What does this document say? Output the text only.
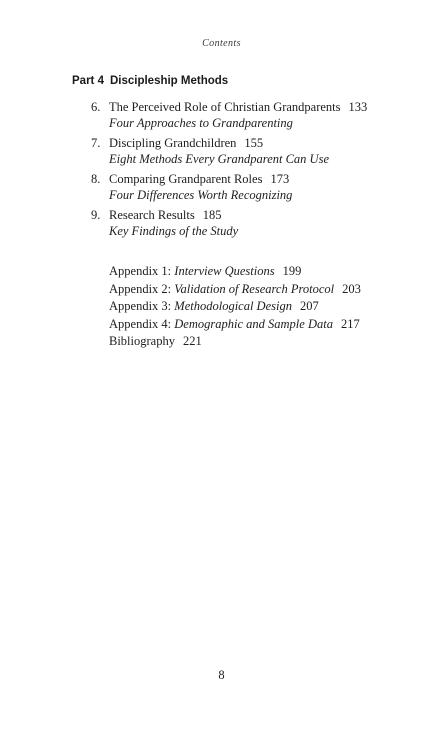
Contents
Part 4 Discipleship Methods
6. The Perceived Role of Christian Grandparents 133
Four Approaches to Grandparenting
7. Discipling Grandchildren 155
Eight Methods Every Grandparent Can Use
8. Comparing Grandparent Roles 173
Four Differences Worth Recognizing
9. Research Results 185
Key Findings of the Study
Appendix 1: Interview Questions 199
Appendix 2: Validation of Research Protocol 203
Appendix 3: Methodological Design 207
Appendix 4: Demographic and Sample Data 217
Bibliography 221
8
